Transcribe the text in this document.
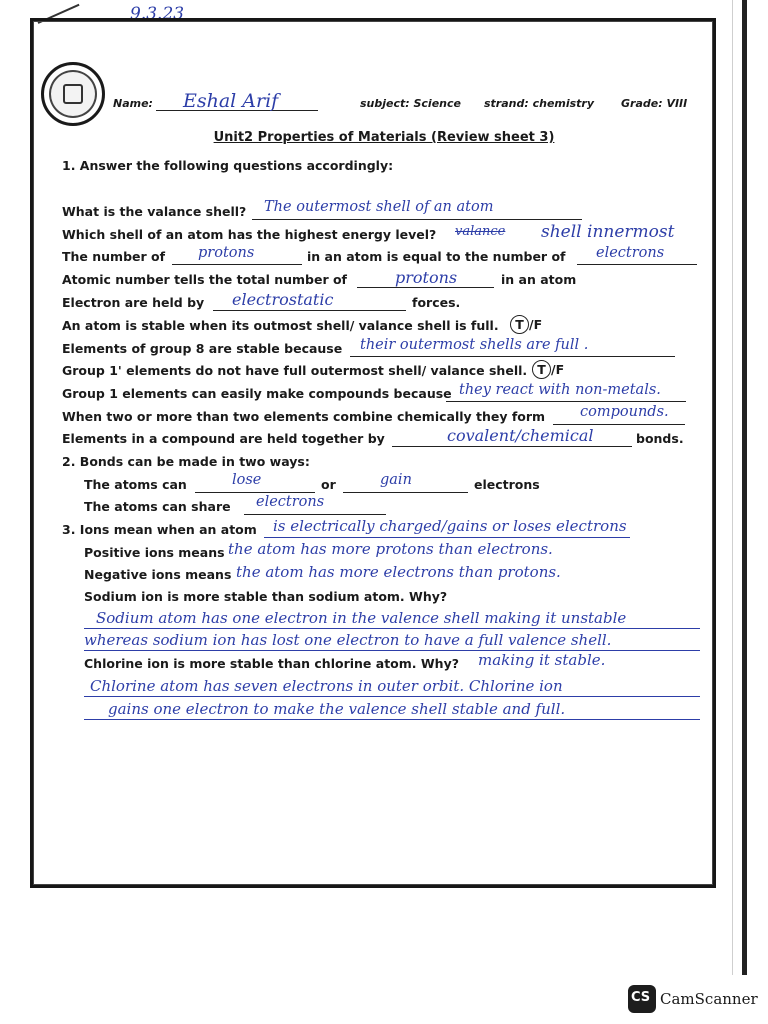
9.3.23
Name: Eshal Arif	subject: Science strand: chemistry Grade: VIII
Unit2 Properties of Materials (Review sheet 3)
1. Answer the following questions accordingly:
What is the valance shell? The outermost shell of an atom
Which shell of an atom has the highest energy level? valance shell innermost
The number of protons	in an atom is equal to the number of electrons
Atomic number tells the total number of	protons	in an atom
Electron are held by electrostatic	forces.
An atom is stable when its outmost shell/ valance shell is full.	T /F
Elements of group 8 are stable because their outermost shells are full .
Group 1' elements do not have full outermost shell/ valance shell. T /F
Group 1 elements can easily make compounds because they react with non-metals.
When two or more than two elements combine chemically they form compounds.
Elements in a compound are held together by	covalent/chemical	bonds.
2. Bonds can be made in two ways:
The atoms can	lose	or	gain	electrons
The atoms can share electrons
3. Ions mean when an atom is electrically charged/gains or loses electrons
Positive ions means the atom has more protons than electrons.
Negative ions means the atom has more electrons than protons.
Sodium ion is more stable than sodium atom. Why?
Sodium atom has one electron in the valence shell making it unstable
whereas sodium ion has lost one electron to have a full valence shell.
Chlorine ion is more stable than chlorine atom. Why? making it stable.
Chlorine atom has seven electrons in outer orbit. Chlorine ion
gains one electron to make the valence shell stable and full.
CS CamScanner
